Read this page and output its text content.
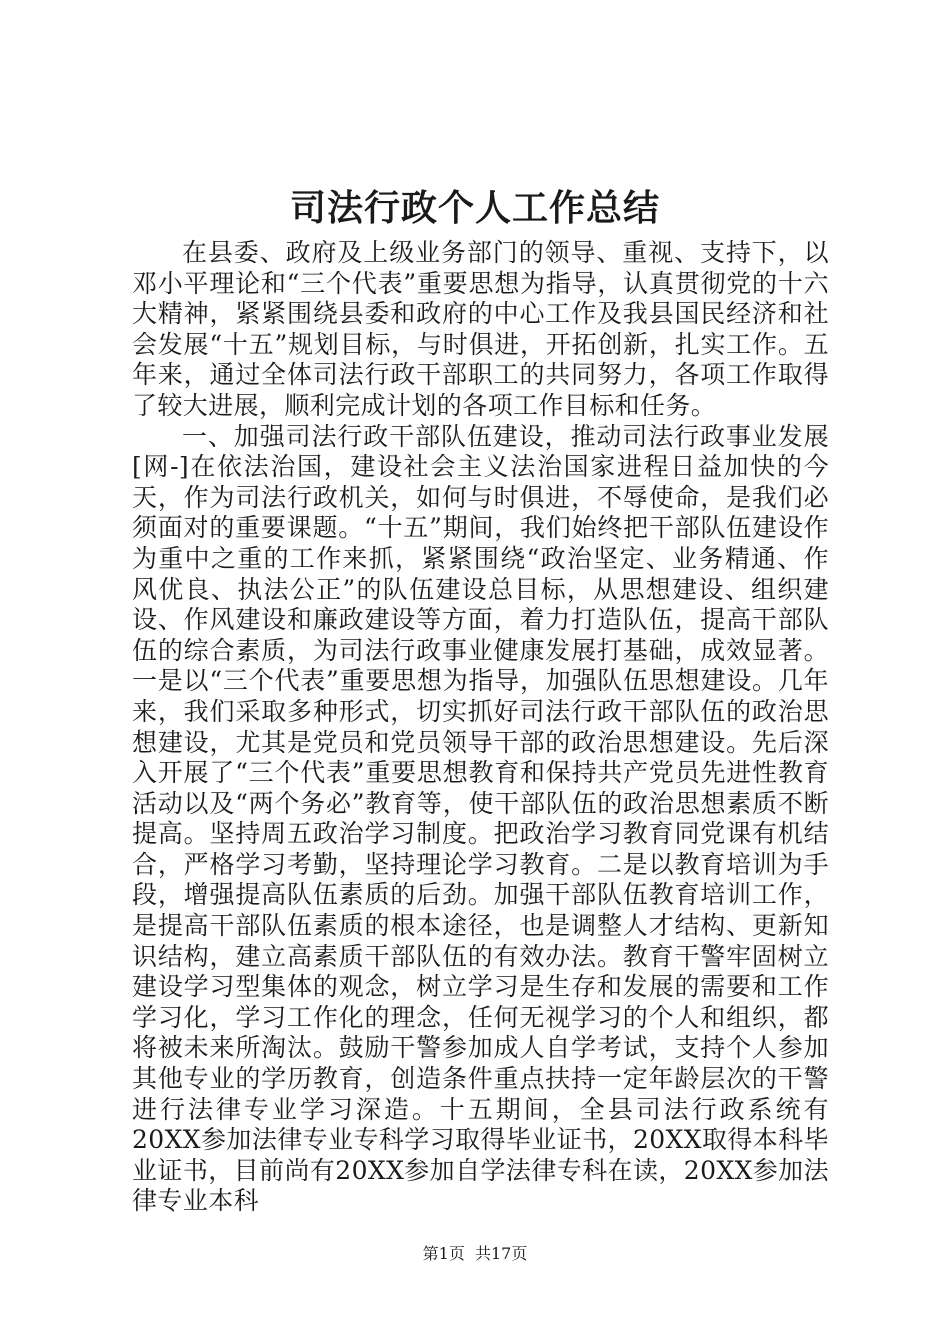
司法行政个人工作总结

在县委、政府及上级业务部门的领导、重视、支持下，以邓小平理论和“三个代表”重要思想为指导，认真贯彻党的十六大精神，紧紧围绕县委和政府的中心工作及我县国民经济和社会发展“十五”规划目标，与时俱进，开拓创新，扎实工作。五年来，通过全体司法行政干部职工的共同努力，各项工作取得了较大进展，顺利完成计划的各项工作目标和任务。

一、加强司法行政干部队伍建设，推动司法行政事业发展[网-]在依法治国，建设社会主义法治国家进程日益加快的今天，作为司法行政机关，如何与时俱进，不辱使命，是我们必须面对的重要课题。“十五”期间，我们始终把干部队伍建设作为重中之重的工作来抓，紧紧围绕“政治坚定、业务精通、作风优良、执法公正”的队伍建设总目标，从思想建设、组织建设、作风建设和廉政建设等方面，着力打造队伍，提高干部队伍的综合素质，为司法行政事业健康发展打基础，成效显著。一是以“三个代表”重要思想为指导，加强队伍思想建设。几年来，我们采取多种形式，切实抓好司法行政干部队伍的政治思想建设，尤其是党员和党员领导干部的政治思想建设。先后深入开展了“三个代表”重要思想教育和保持共产党员先进性教育活动以及“两个务必”教育等，使干部队伍的政治思想素质不断提高。坚持周五政治学习制度。把政治学习教育同党课有机结合，严格学习考勤，坚持理论学习教育。二是以教育培训为手段，增强提高队伍素质的后劲。加强干部队伍教育培训工作，是提高干部队伍素质的根本途径，也是调整人才结构、更新知识结构，建立高素质干部队伍的有效办法。教育干警牢固树立建设学习型集体的观念，树立学习是生存和发展的需要和工作学习化，学习工作化的理念，任何无视学习的个人和组织，都将被未来所淘汰。鼓励干警参加成人自学考试，支持个人参加其他专业的学历教育，创造条件重点扶持一定年龄层次的干警进行法律专业学习深造。十五期间，全县司法行政系统有20XX参加法律专业专科学习取得毕业证书，20XX取得本科毕业证书，目前尚有20XX参加自学法律专科在读，20XX参加法律专业本科

第1页  共17页
